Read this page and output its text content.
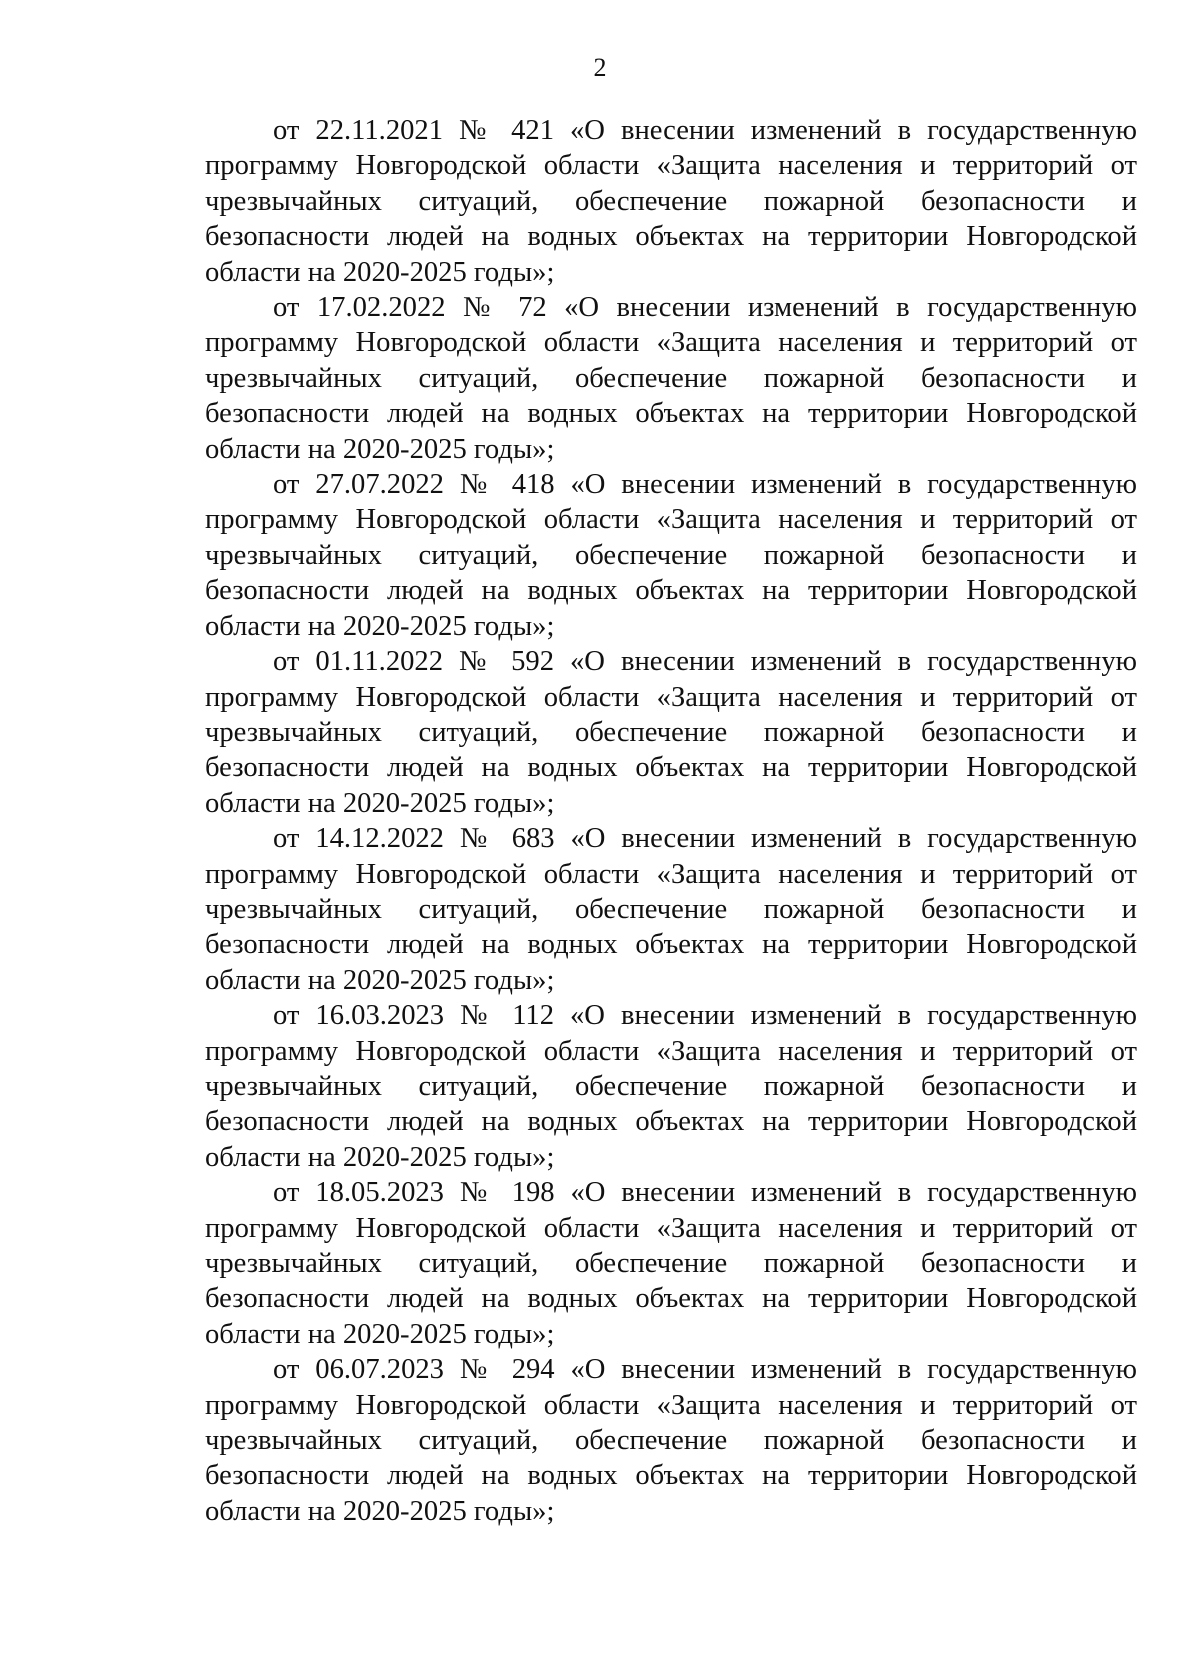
2

от 22.11.2021 № 421 «О внесении изменений в государственную программу Новгородской области «Защита населения и территорий от чрезвычайных ситуаций, обеспечение пожарной безопасности и безопасности людей на водных объектах на территории Новгородской области на 2020-2025 годы»;

от 17.02.2022 № 72 «О внесении изменений в государственную программу Новгородской области «Защита населения и территорий от чрезвычайных ситуаций, обеспечение пожарной безопасности и безопасности людей на водных объектах на территории Новгородской области на 2020-2025 годы»;

от 27.07.2022 № 418 «О внесении изменений в государственную программу Новгородской области «Защита населения и территорий от чрезвычайных ситуаций, обеспечение пожарной безопасности и безопасности людей на водных объектах на территории Новгородской области на 2020-2025 годы»;

от 01.11.2022 № 592 «О внесении изменений в государственную программу Новгородской области «Защита населения и территорий от чрезвычайных ситуаций, обеспечение пожарной безопасности и безопасности людей на водных объектах на территории Новгородской области на 2020-2025 годы»;

от 14.12.2022 № 683 «О внесении изменений в государственную программу Новгородской области «Защита населения и территорий от чрезвычайных ситуаций, обеспечение пожарной безопасности и безопасности людей на водных объектах на территории Новгородской области на 2020-2025 годы»;

от 16.03.2023 № 112 «О внесении изменений в государственную программу Новгородской области «Защита населения и территорий от чрезвычайных ситуаций, обеспечение пожарной безопасности и безопасности людей на водных объектах на территории Новгородской области на 2020-2025 годы»;

от 18.05.2023 № 198 «О внесении изменений в государственную программу Новгородской области «Защита населения и территорий от чрезвычайных ситуаций, обеспечение пожарной безопасности и безопасности людей на водных объектах на территории Новгородской области на 2020-2025 годы»;

от 06.07.2023 № 294 «О внесении изменений в государственную программу Новгородской области «Защита населения и территорий от чрезвычайных ситуаций, обеспечение пожарной безопасности и безопасности людей на водных объектах на территории Новгородской области на 2020-2025 годы»;
